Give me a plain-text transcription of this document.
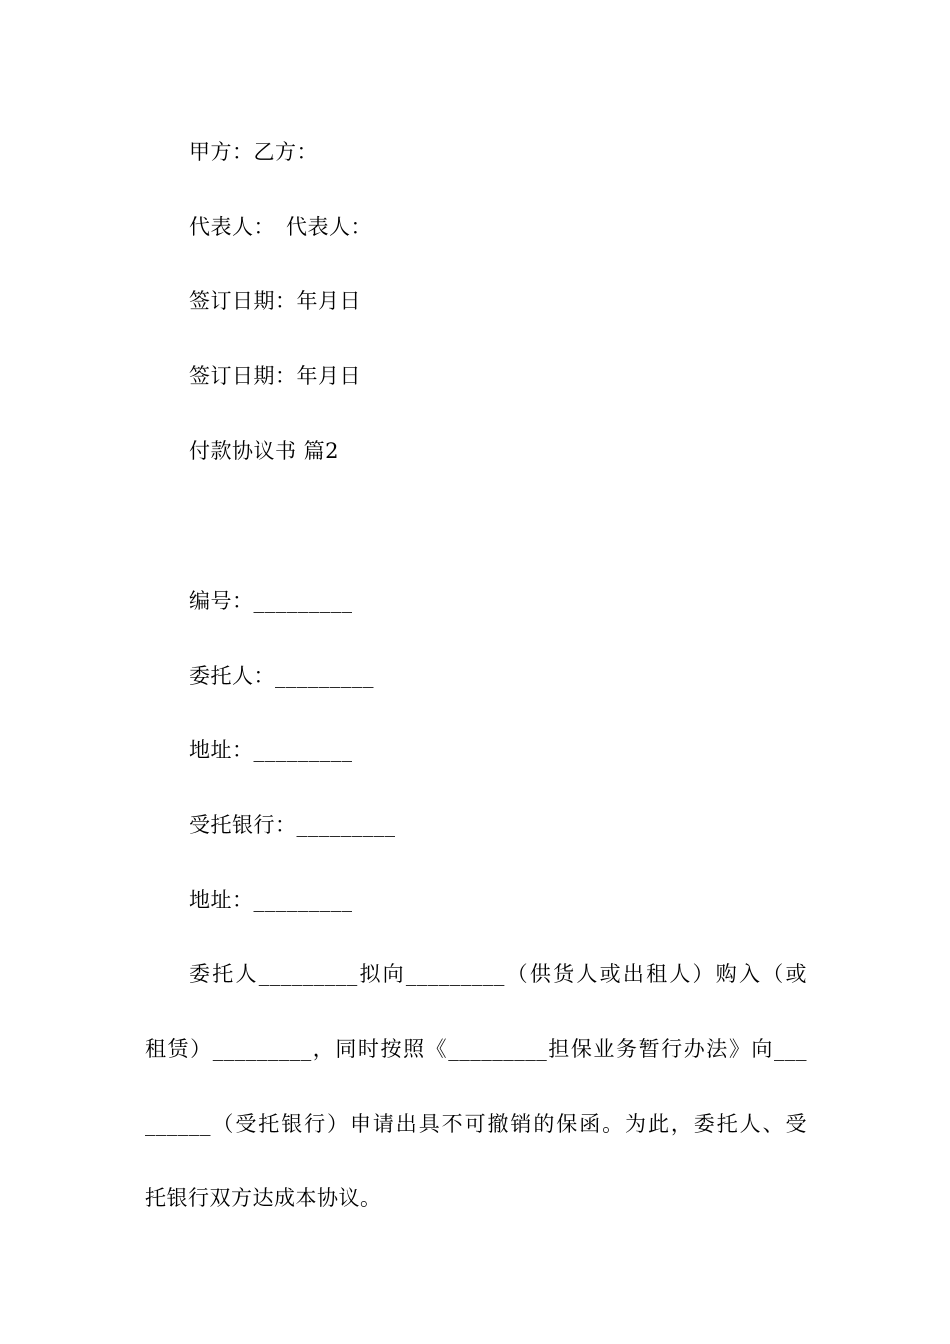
甲方：乙方：
代表人：　代表人：
签订日期：年月日
签订日期：年月日
付款协议书 篇2
编号：_________
委托人：_________
地址：_________
受托银行：_________
地址：_________
委托人_________拟向_________（供货人或出租人）购入（或
租赁）_________，同时按照《_________担保业务暂行办法》向___
______（受托银行）申请出具不可撤销的保函。为此，委托人、受
托银行双方达成本协议。
